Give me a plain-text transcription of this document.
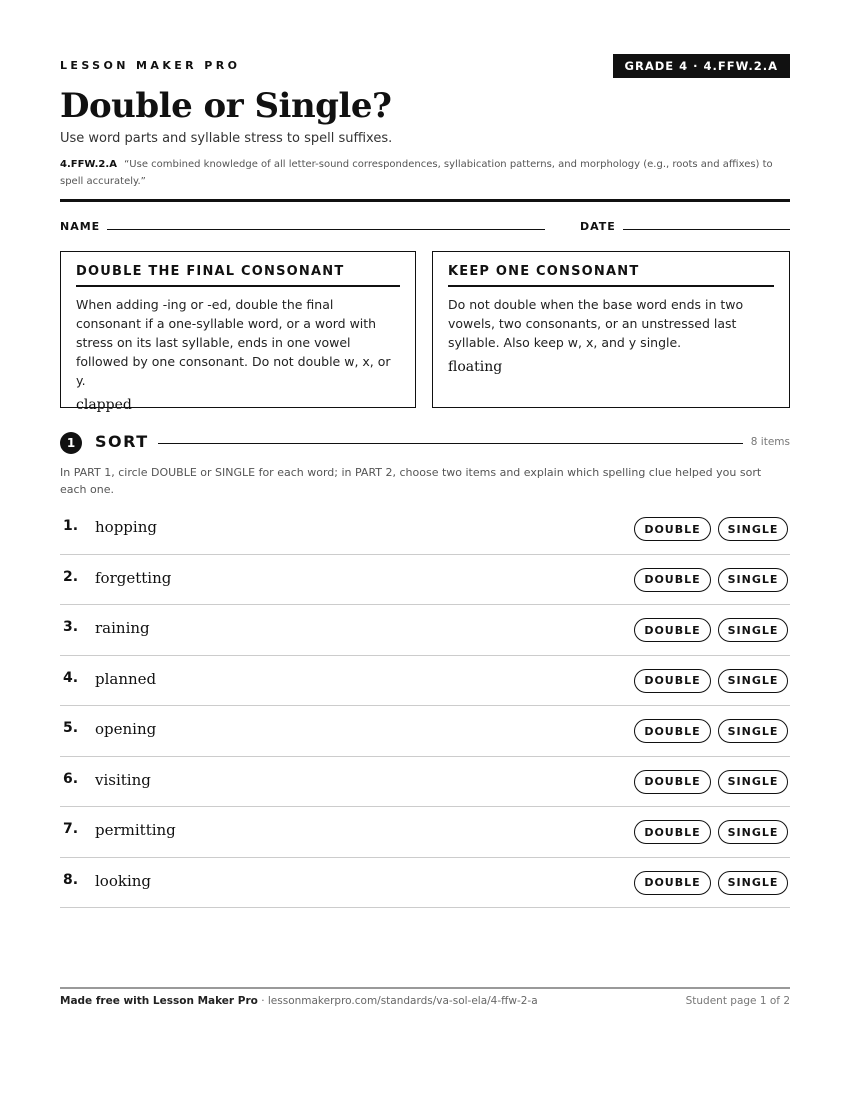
LESSON MAKER PRO	GRADE 4 · 4.FFW.2.A
Double or Single?
Use word parts and syllable stress to spell suffixes.
4.FFW.2.A “Use combined knowledge of all letter-sound correspondences, syllabication patterns, and morphology (e.g., roots and affixes) to spell accurately.”
NAME	DATE
DOUBLE THE FINAL CONSONANT
When adding -ing or -ed, double the final consonant if a one-syllable word, or a word with stress on its last syllable, ends in one vowel followed by one consonant. Do not double w, x, or y.
clapped
KEEP ONE CONSONANT
Do not double when the base word ends in two vowels, two consonants, or an unstressed last syllable. Also keep w, x, and y single.
floating
1	SORT	8 items
In PART 1, circle DOUBLE or SINGLE for each word; in PART 2, choose two items and explain which spelling clue helped you sort each one.
1. hopping	DOUBLE	SINGLE
2. forgetting	DOUBLE	SINGLE
3. raining	DOUBLE	SINGLE
4. planned	DOUBLE	SINGLE
5. opening	DOUBLE	SINGLE
6. visiting	DOUBLE	SINGLE
7. permitting	DOUBLE	SINGLE
8. looking	DOUBLE	SINGLE
Made free with Lesson Maker Pro · lessonmakerpro.com/standards/va-sol-ela/4-ffw-2-a	Student page 1 of 2
